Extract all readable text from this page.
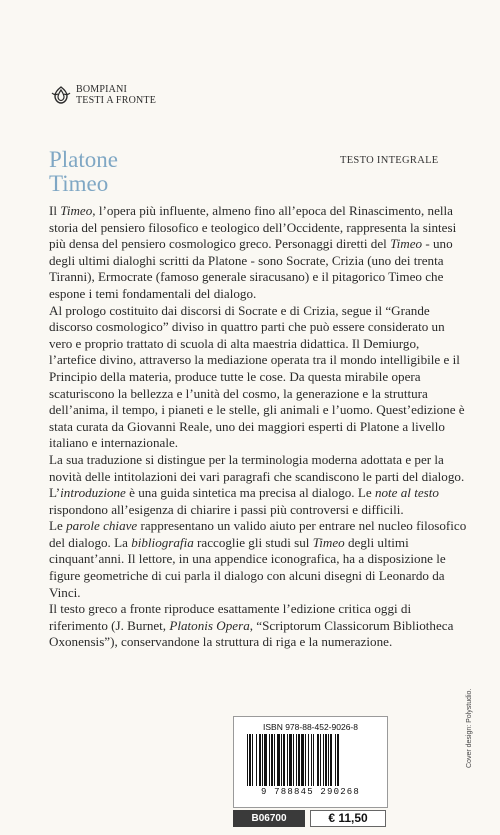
BOMPIANI
TESTI A FRONTE
Platone
Timeo
TESTO INTEGRALE

Il Timeo, l’opera più influente, almeno fino all’epoca del Rinascimento, nella storia del pensiero filosofico e teologico dell’Occidente, rappresenta la sintesi più densa del pensiero cosmologico greco. Personaggi diretti del Timeo - uno degli ultimi dialoghi scritti da Platone - sono Socrate, Crizia (uno dei trenta Tiranni), Ermocrate (famoso generale siracusano) e il pitagorico Timeo che espone i temi fondamentali del dialogo.

Al prologo costituito dai discorsi di Socrate e di Crizia, segue il “Grande discorso cosmologico” diviso in quattro parti che può essere considerato un vero e proprio trattato di scuola di alta maestria didattica. Il Demiurgo, l’artefice divino, attraverso la mediazione operata tra il mondo intelligibile e il Principio della materia, produce tutte le cose. Da questa mirabile opera scaturiscono la bellezza e l’unità del cosmo, la generazione e la struttura dell’anima, il tempo, i pianeti e le stelle, gli animali e l’uomo. Quest’edizione è stata curata da Giovanni Reale, uno dei maggiori esperti di Platone a livello italiano e internazionale.

La sua traduzione si distingue per la terminologia moderna adottata e per la novità delle intitolazioni dei vari paragrafi che scandiscono le parti del dialogo. L’introduzione è una guida sintetica ma precisa al dialogo. Le note al testo rispondono all’esigenza di chiarire i passi più controversi e difficili.

Le parole chiave rappresentano un valido aiuto per entrare nel nucleo filosofico del dialogo. La bibliografia raccoglie gli studi sul Timeo degli ultimi cinquant’anni. Il lettore, in una appendice iconografica, ha a disposizione le figure geometriche di cui parla il dialogo con alcuni disegni di Leonardo da Vinci.

Il testo greco a fronte riproduce esattamente l’edizione critica oggi di riferimento (J. Burnet, Platonis Opera, “Scriptorum Classicorum Bibliotheca Oxonensis”), conservandone la struttura di riga e la numerazione.

Cover design: Polystudio.
ISBN 978-88-452-9026-8
9 788845 290268
B06700	€ 11,50
